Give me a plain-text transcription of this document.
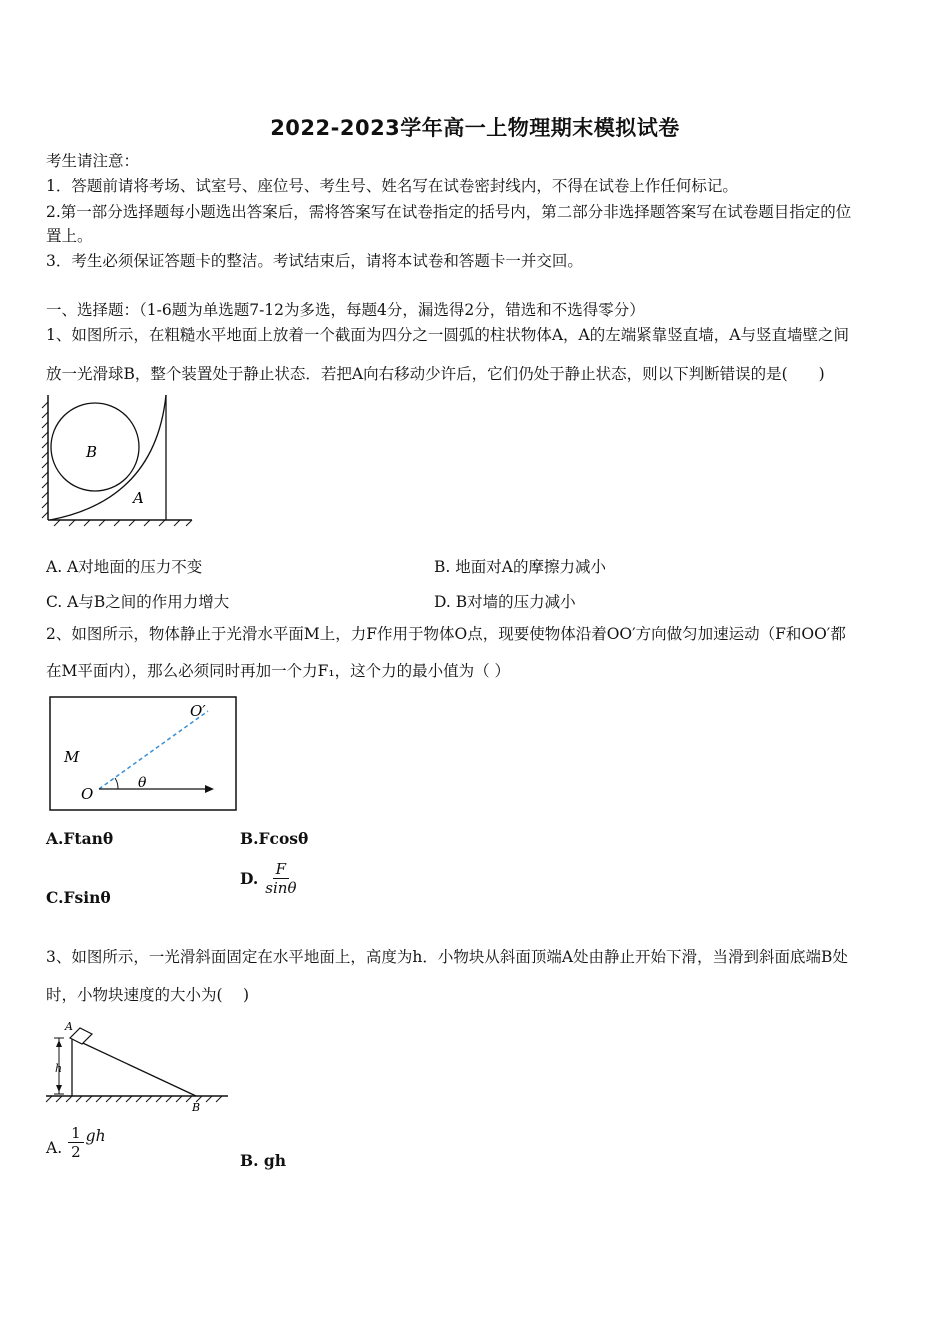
2022-2023学年高一上物理期末模拟试卷
考生请注意：
1．答题前请将考场、试室号、座位号、考生号、姓名写在试卷密封线内，不得在试卷上作任何标记。
2.第一部分选择题每小题选出答案后，需将答案写在试卷指定的括号内，第二部分非选择题答案写在试卷题目指定的位
置上。
3．考生必须保证答题卡的整洁。考试结束后，请将本试卷和答题卡一并交回。
一、选择题：（1-6题为单选题7-12为多选，每题4分，漏选得2分，错选和不选得零分）
1、如图所示，在粗糙水平地面上放着一个截面为四分之一圆弧的柱状物体A，A的左端紧靠竖直墙，A与竖直墙壁之间
放一光滑球B，整个装置处于静止状态．若把A向右移动少许后，它们仍处于静止状态，则以下判断错误的是(　　)
B
A
A. A对地面的压力不变	B. 地面对A的摩擦力减小
C. A与B之间的作用力增大	D. B对墙的压力减小
2、如图所示，物体静止于光滑水平面M上，力F作用于物体O点，现要使物体沿着OO′方向做匀加速运动（F和OO′都
在M平面内），那么必须同时再加一个力F₁，这个力的最小值为（ ）
M
O
O′
θ
A.Ftanθ	B.Fcosθ
C.Fsinθ
D. $\frac{F}{\sin\theta}$
3、如图所示，一光滑斜面固定在水平地面上，高度为h．小物块从斜面顶端A处由静止开始下滑，当滑到斜面底端B处
时，小物块速度的大小为(　 )
A
h
B
A. $\frac{1}{2}$ gh
B. gh
